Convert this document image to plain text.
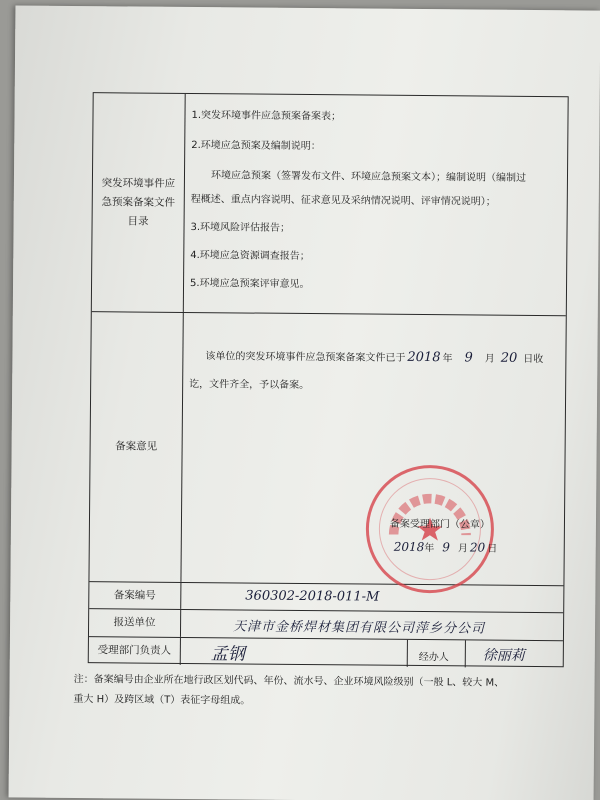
突发环境事件应
急预案备案文件
目录
1.突发环境事件应急预案备案表；
2.环境应急预案及编制说明：
环境应急预案（签署发布文件、环境应急预案文本）；编制说明（编制过
程概述、重点内容说明、征求意见及采纳情况说明、评审情况说明）；
3.环境风险评估报告；
4.环境应急资源调查报告；
5.环境应急预案评审意见。
备案意见
该单位的突发环境事件应急预案备案文件已于 2018 年 9 月 20 日收
讫，文件齐全，予以备案。
备案受理部门（公章）
2018年 9 月 20 日
备案编号	360302-2018-011-M
报送单位	天津市金桥焊材集团有限公司萍乡分公司
受理部门负责人	孟钢	经办人 徐丽莉
注：备案编号由企业所在地行政区划代码、年份、流水号、企业环境风险级别（一般 L、较大 M、
重大 H）及跨区域（T）表征字母组成。
